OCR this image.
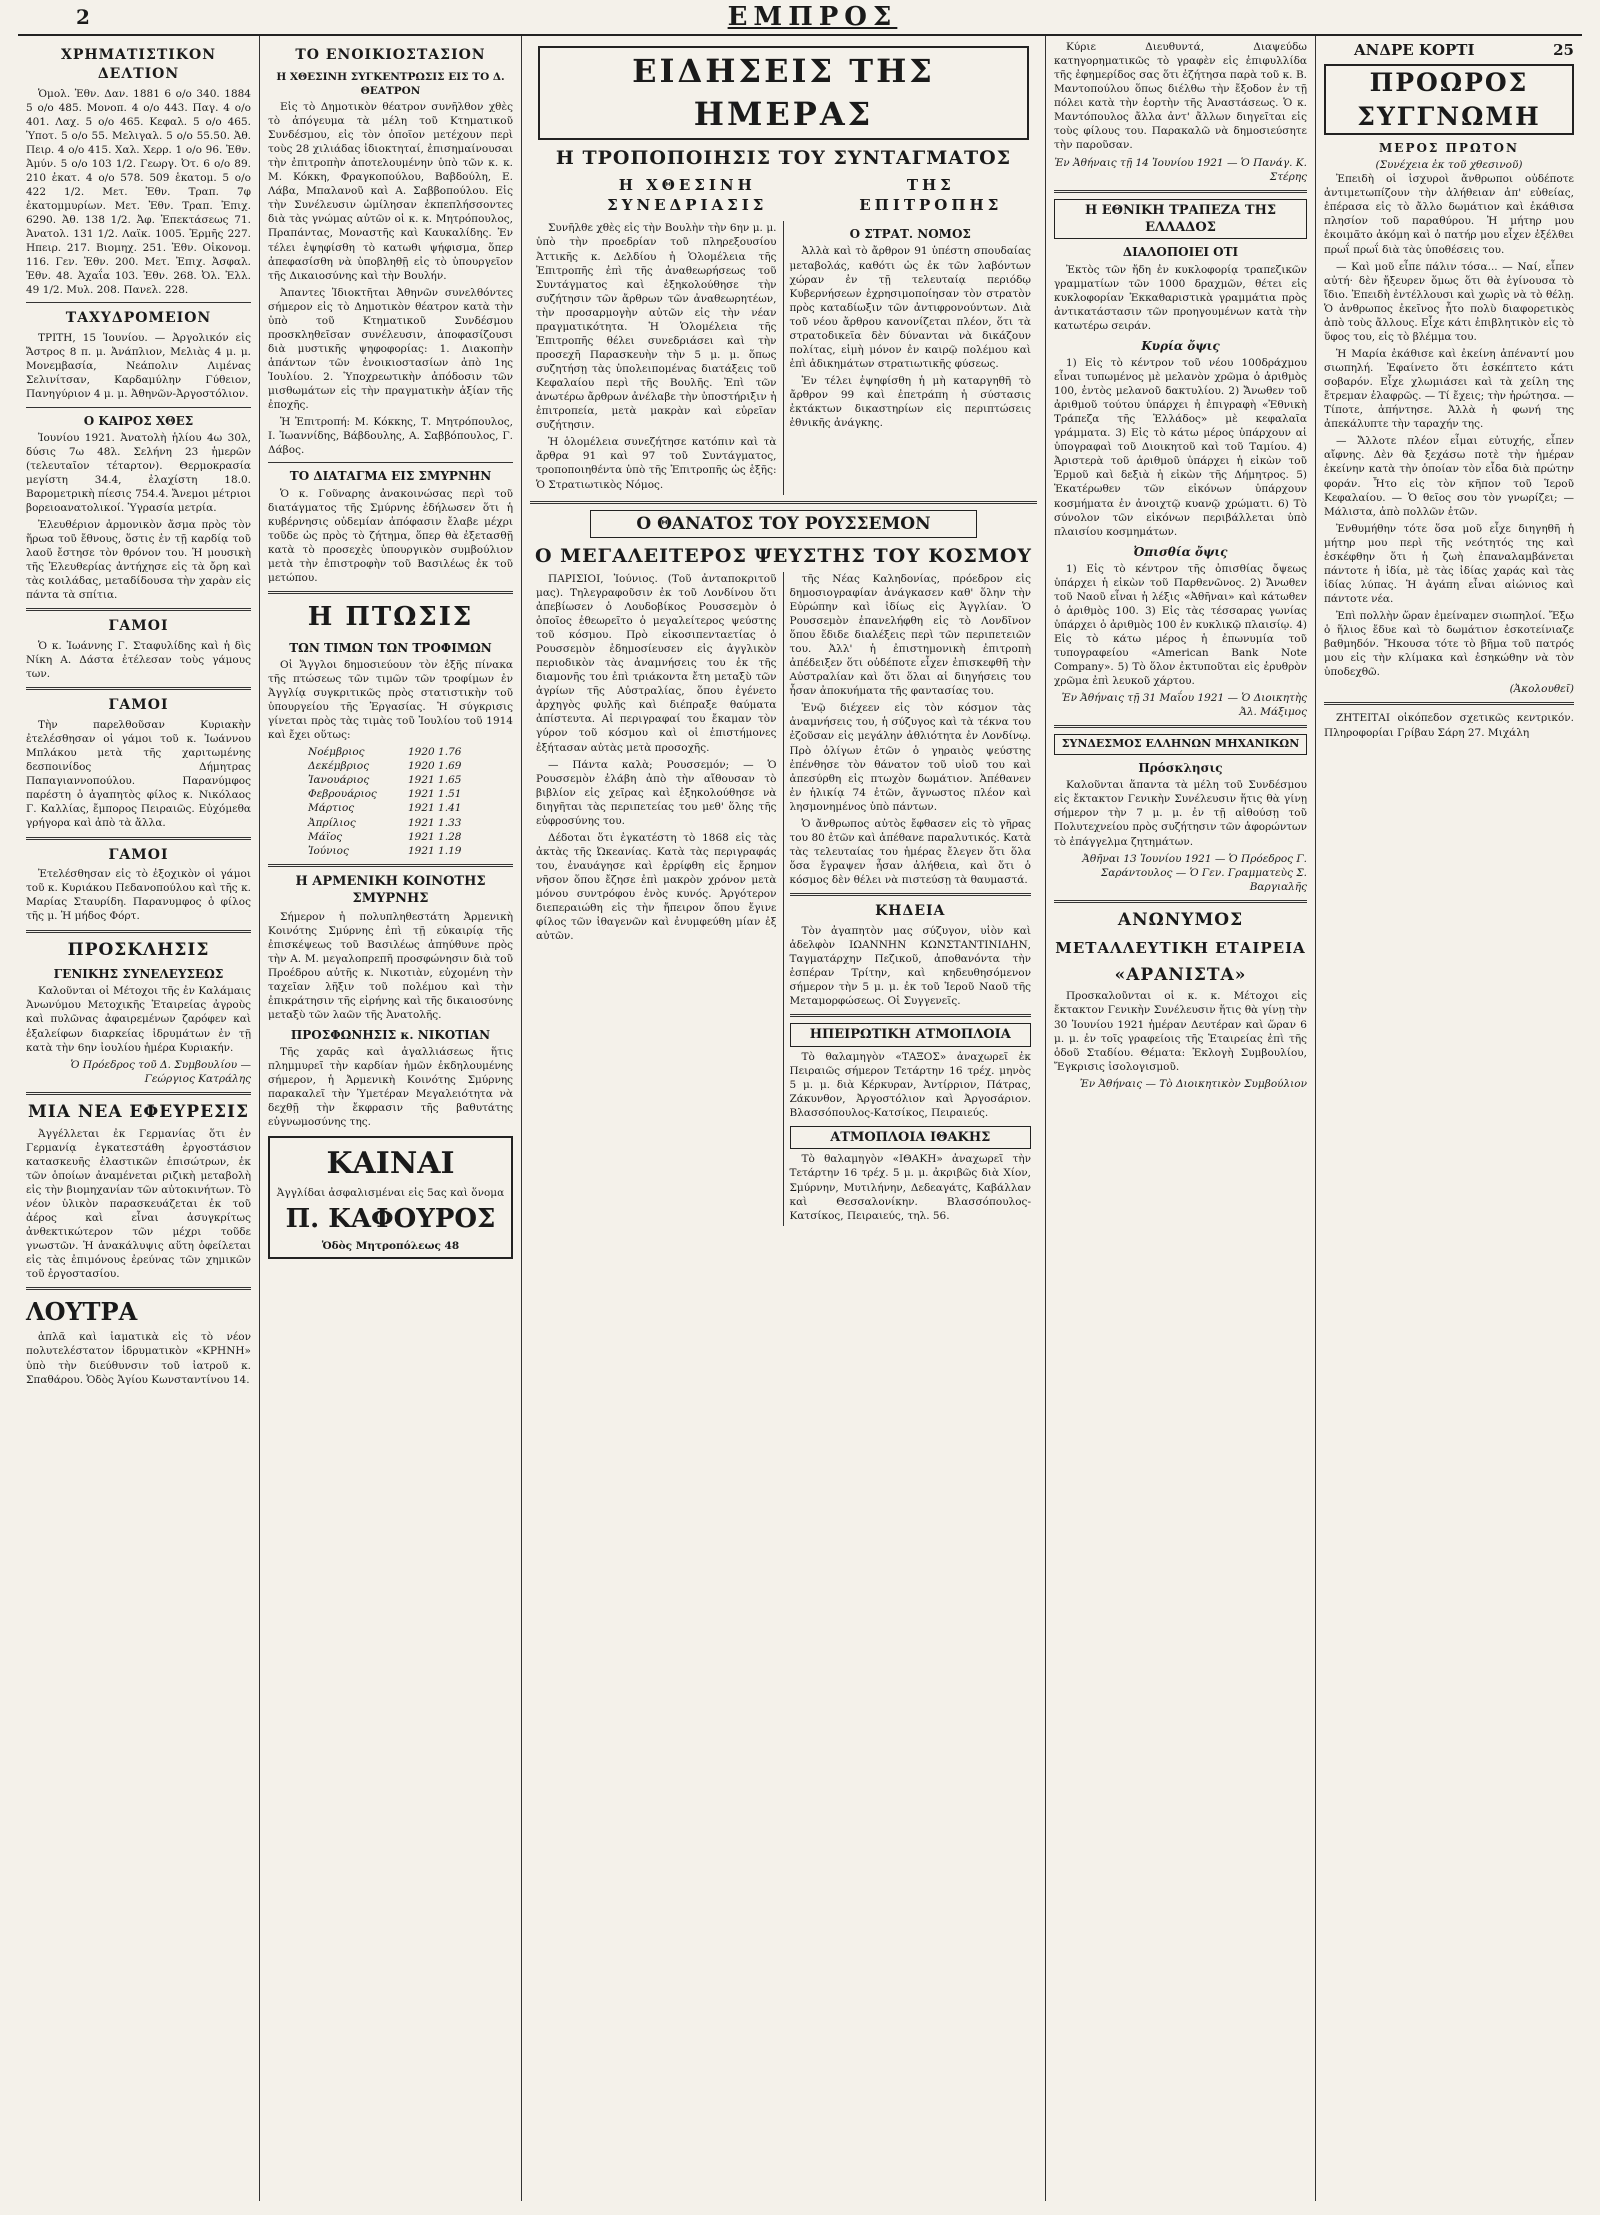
2	ΕΜΠΡΟΣ
ΧΡΗΜΑΤΙΣΤΙΚΟΝ ΔΕΛΤΙΟΝ

Ὁμολ. Ἐθν. Δαν. 1881 6 ο/ο 340. 1884 5 ο/ο 485. Μονοπ. 4 ο/ο 443. Παγ. 4 ο/ο 401. Λαχ. 5 ο/ο 465. Κεφαλ. 5 ο/ο 465. Ὑποτ. 5 ο/ο 55. Μελιγαλ. 5 ο/ο 55.50. Ἀθ. Πειρ. 4 ο/ο 415. Χαλ. Χερρ. 1 ο/ο 96. Ἐθν. Ἀμύν. 5 ο/ο 103 1/2. Γεωργ. Ὀτ. 6 ο/ο 89. 210 ἐκατ. 4 ο/ο 578. 509 ἑκατομ. 5 ο/ο 422 1/2. Μετ. Ἐθν. Τραπ. 7φ ἐκατομμυρίων. Μετ. Ἐθν. Τραπ. Ἐπιχ. 6290. Ἀθ. 138 1/2. Ἀφ. Ἐπεκτάσεως 71. Ἀνατολ. 131 1/2. Λαϊκ. 1005. Ἑρμῆς 227. Ηπειρ. 217. Βιομηχ. 251. Ἐθν. Οἰκονομ. 116. Γεν. Ἐθν. 200. Μετ. Ἐπιχ. Ἀσφαλ. Ἐθν. 48. Ἀχαΐα 103. Ἐθν. 268. Ὀλ. Ἐλλ. 49 1/2. Μυλ. 208. Πανελ. 228.

ΤΑΧΥΔΡΟΜΕΙΟΝ

ΤΡΙΤΗ, 15 Ἰουνίου. — Ἀργολικόν εἰς Ἄστρος 8 π. μ. Ἀνάπλιον, Μελιὰς 4 μ. μ. Μονεμβασία, Νεάπολιν Λιμένας Σελινίτσαν, Καρδαμύλην Γύθειον, Πανηγύριον 4 μ. μ. Ἀθηνῶν-Ἀργοστόλιον.

Ο ΚΑΙΡΟΣ ΧΘΕΣ

Ἰουνίου 1921. Ἀνατολὴ ἡλίου 4ω 30λ, δύσις 7ω 48λ. Σελήνη 23 ἡμερῶν (τελευταῖον τέταρτον). Θερμοκρασία μεγίστη 34.4, ἐλαχίστη 18.0. Βαρομετρικὴ πίεσις 754.4. Ἄνεμοι μέτριοι βορειοανατολικοί. Ὑγρασία μετρία.

Ἐλευθέριον ἁρμονικὸν ἄσμα πρὸς τὸν ἥρωα τοῦ ἔθνους, ὅστις ἐν τῇ καρδίᾳ τοῦ λαοῦ ἔστησε τὸν θρόνον του. Ἡ μουσικὴ τῆς Ἐλευθερίας ἀντήχησε εἰς τὰ ὄρη καὶ τὰς κοιλάδας, μεταδίδουσα τὴν χαρὰν εἰς πάντα τὰ σπίτια.

ΓΑΜΟΙ

Ὁ κ. Ἰωάννης Γ. Σταφυλίδης καὶ ἡ δὶς Νίκη Α. Δάστα ἐτέλεσαν τοὺς γάμους των.

ΓΑΜΟΙ

Τὴν παρελθοῦσαν Κυριακὴν ἐτελέσθησαν οἱ γάμοι τοῦ κ. Ἰωάννου Μπλάκου μετὰ τῆς χαριτωμένης δεσποινίδος Δήμητρας Παπαγιαννοπούλου. Παρανύμφος παρέστη ὁ ἀγαπητὸς φίλος κ. Νικόλαος Γ. Καλλίας, ἔμπορος Πειραιῶς. Εὐχόμεθα γρήγορα καὶ ἀπὸ τὰ ἄλλα.

ΓΑΜΟΙ

Ἐτελέσθησαν εἰς τὸ ἐξοχικὸν οἱ γάμοι τοῦ κ. Κυριάκου Πεδανοπούλου καὶ τῆς κ. Μαρίας Σταυρίδη. Παρανυμφος ὁ φίλος τῆς μ. Ἡ μήδος Φόρτ.

ΠΡΟΣΚΛΗΣΙΣ
ΓΕΝΙΚΗΣ ΣΥΝΕΛΕΥΣΕΩΣ

Καλοῦνται οἱ Μέτοχοι τῆς ἐν Καλάμαις Ἀνωνύμου Μετοχικῆς Ἑταιρείας ἀγροὺς καὶ πυλῶνας ἀφαιρεμένων ζαρόφεν καὶ ἑξαλείφων διαρκείας ἱδρυμάτων ἐν τῇ κατὰ τὴν 6ην ἰουλίου ἡμέρα Κυριακήν.

Ὁ Πρόεδρος τοῦ Δ. Συμβουλίου — Γεώργιος Κατράλης
ΜΙΑ ΝΕΑ ΕΦΕΥΡΕΣΙΣ

Ἀγγέλλεται ἐκ Γερμανίας ὅτι ἐν Γερμανίᾳ ἐγκατεστάθη ἐργοστάσιον κατασκευῆς ἐλαστικῶν ἐπισώτρων, ἐκ τῶν ὁποίων ἀναμένεται ριζικὴ μεταβολὴ εἰς τὴν βιομηχανίαν τῶν αὐτοκινήτων. Τὸ νέον ὑλικὸν παρασκευάζεται ἐκ τοῦ ἀέρος καὶ εἶναι ἀσυγκρίτως ἀνθεκτικώτερον τῶν μέχρι τοῦδε γνωστῶν. Ἡ ἀνακάλυψις αὕτη ὀφείλεται εἰς τὰς ἐπιμόνους ἐρεύνας τῶν χημικῶν τοῦ ἐργοστασίου.

ΛΟΥΤΡΑ

ἁπλᾶ καὶ ἰαματικὰ εἰς τὸ νέον πολυτελέστατον ἱδρυματικὸν «ΚΡΗΝΗ» ὑπὸ τὴν διεύθυνσιν τοῦ ἰατροῦ κ. Σπαθάρου. Ὁδὸς Ἁγίου Κωνσταντίνου 14.

ΤΟ ΕΝΟΙΚΙΟΣΤΑΣΙΟΝ
Η ΧΘΕΣΙΝΗ ΣΥΓΚΕΝΤΡΩΣΙΣ ΕΙΣ ΤΟ Δ. ΘΕΑΤΡΟΝ

Εἰς τὸ Δημοτικὸν θέατρον συνῆλθον χθὲς τὸ ἀπόγευμα τὰ μέλη τοῦ Κτηματικοῦ Συνδέσμου, εἰς τὸν ὁποῖον μετέχουν περὶ τοὺς 28 χιλιάδας ἰδιοκτηταί, ἐπισημαίνουσαι τὴν ἐπιτροπὴν ἀποτελουμένην ὑπὸ τῶν κ. κ. Μ. Κόκκη, Φραγκοπούλου, Βαβδούλη, Ε. Λάβα, Μπαλανοῦ καὶ Α. Σαββοπούλου. Εἰς τὴν Συνέλευσιν ὡμίλησαν ἐκπεπλήσσοντες διὰ τὰς γνώμας αὐτῶν οἱ κ. κ. Μητρόπουλος, Πραπάντας, Μοναστῆς καὶ Καυκαλίδης. Ἐν τέλει ἐψηφίσθη τὸ κατωθι ψήφισμα, ὅπερ ἀπεφασίσθη νὰ ὑποβληθῇ εἰς τὸ ὑπουργεῖον τῆς Δικαιοσύνης καὶ τὴν Βουλήν.

Ἀπαντες Ἰδιοκτῆται Ἀθηνῶν συνελθόντες σήμερον εἰς τὸ Δημοτικὸν θέατρον κατὰ τὴν ὑπὸ τοῦ Κτηματικοῦ Συνδέσμου προσκληθεῖσαν συνέλευσιν, ἀποφασίζουσι διὰ μυστικῆς ψηφοφορίας: 1. Διακοπὴν ἁπάντων τῶν ἐνοικιοστασίων ἀπὸ 1ης Ἰουλίου. 2. Ὑποχρεωτικὴν ἀπόδοσιν τῶν μισθωμάτων εἰς τὴν πραγματικὴν ἀξίαν τῆς ἐποχῆς.

Ἡ Ἐπιτροπή: Μ. Κόκκης, Τ. Μητρόπουλος, Ι. Ἰωαννίδης, Βάβδουλης, Α. Σαββόπουλος, Γ. Δάβος.

ΤΟ ΔΙΑΤΑΓΜΑ ΕΙΣ ΣΜΥΡΝΗΝ

Ὁ κ. Γοῦναρης ἀνακοινώσας περὶ τοῦ διατάγματος τῆς Σμύρνης ἐδήλωσεν ὅτι ἡ κυβέρνησις οὐδεμίαν ἀπόφασιν ἔλαβε μέχρι τοῦδε ὡς πρὸς τὸ ζήτημα, ὅπερ θὰ ἐξετασθῇ κατὰ τὸ προσεχὲς ὑπουργικὸν συμβούλιον μετὰ τὴν ἐπιστροφὴν τοῦ Βασιλέως ἐκ τοῦ μετώπου.

Η ΠΤΩΣΙΣ
ΤΩΝ ΤΙΜΩΝ ΤΩΝ ΤΡΟΦΙΜΩΝ

Οἱ Ἄγγλοι δημοσιεύουν τὸν ἑξῆς πίνακα τῆς πτώσεως τῶν τιμῶν τῶν τροφίμων ἐν Ἀγγλίᾳ συγκριτικῶς πρὸς στατιστικὴν τοῦ ὑπουργείου τῆς Ἐργασίας. Ἡ σύγκρισις γίνεται πρὸς τὰς τιμὰς τοῦ Ἰουλίου τοῦ 1914 καὶ ἔχει οὕτως:

Νοέμβριος	1920 1.76
Δεκέμβριος	1920 1.69
Ἰανουάριος	1921 1.65
Φεβρουάριος	1921 1.51
Μάρτιος	1921 1.41
Ἀπρίλιος	1921 1.33
Μάϊος	1921 1.28
Ἰούνιος	1921 1.19
Η ΑΡΜΕΝΙΚΗ ΚΟΙΝΟΤΗΣ ΣΜΥΡΝΗΣ

Σήμερον ἡ πολυπληθεστάτη Ἀρμενικὴ Κοινότης Σμύρνης ἐπὶ τῇ εὐκαιρίᾳ τῆς ἐπισκέψεως τοῦ Βασιλέως ἀπηύθυνε πρὸς τὴν Α. Μ. μεγαλοπρεπῆ προσφώνησιν διὰ τοῦ Προέδρου αὐτῆς κ. Νικοτιὰν, εὐχομένη τὴν ταχεῖαν λῆξιν τοῦ πολέμου καὶ τὴν ἐπικράτησιν τῆς εἰρήνης καὶ τῆς δικαιοσύνης μεταξὺ τῶν λαῶν τῆς Ἀνατολῆς.

ΠΡΟΣΦΩΝΗΣΙΣ κ. ΝΙΚΟΤΙΑΝ

Τῆς χαρᾶς καὶ ἀγαλλιάσεως ἥτις πλημμυρεῖ τὴν καρδίαν ἡμῶν ἐκδηλουμένης σήμερον, ἡ Ἀρμενικὴ Κοινότης Σμύρνης παρακαλεῖ τὴν Ὑμετέραν Μεγαλειότητα νὰ δεχθῇ τὴν ἔκφρασιν τῆς βαθυτάτης εὐγνωμοσύνης της.

ΚΑΙΝΑΙ
Ἀγγλίδαι ἀσφαλισμέναι εἰς 5ας καὶ ὅνομα
Π. ΚΑΦΟΥΡΟΣ
Ὁδὸς Μητροπόλεως 48
ΕΙΔΗΣΕΙΣ ΤΗΣ ΗΜΕΡΑΣ
Η ΤΡΟΠΟΠΟΙΗΣΙΣ ΤΟΥ ΣΥΝΤΑΓΜΑΤΟΣ
Η ΧΘΕΣΙΝΗ ΣΥΝΕΔΡΙΑΣΙΣ
ΤΗΣ ΕΠΙΤΡΟΠΗΣ

Συνῆλθε χθὲς εἰς τὴν Βουλὴν τὴν 6ην μ. μ. ὑπὸ τὴν προεδρίαν τοῦ πληρεξουσίου Ἀττικῆς κ. Δελδίου ἡ Ὁλομέλεια τῆς Ἐπιτροπῆς ἐπὶ τῆς ἀναθεωρήσεως τοῦ Συντάγματος καὶ ἐξηκολούθησε τὴν συζήτησιν τῶν ἄρθρων τῶν ἀναθεωρητέων, τὴν προσαρμογὴν αὐτῶν εἰς τὴν νέαν πραγματικότητα. Ἡ Ὁλομέλεια τῆς Ἐπιτροπῆς θέλει συνεδριάσει καὶ τὴν προσεχῆ Παρασκευὴν τὴν 5 μ. μ. ὅπως συζητήσῃ τὰς ὑπολειπομένας διατάξεις τοῦ Κεφαλαίου περὶ τῆς Βουλῆς. Ἐπὶ τῶν ἀνωτέρω ἄρθρων ἀνέλαβε τὴν ὑποστήριξιν ἡ ἐπιτροπεία, μετὰ μακρὰν καὶ εὐρεῖαν συζήτησιν.

Ἡ ὁλομέλεια συνεζήτησε κατόπιν καὶ τὰ ἄρθρα 91 καὶ 97 τοῦ Συντάγματος, τροποποιηθέντα ὑπὸ τῆς Ἐπιτροπῆς ὡς ἑξῆς: Ὁ Στρατιωτικὸς Νόμος.

Ο ΣΤΡΑΤ. ΝΟΜΟΣ

Ἀλλὰ καὶ τὸ ἄρθρον 91 ὑπέστη σπουδαίας μεταβολάς, καθότι ὡς ἐκ τῶν λαβόντων χώραν ἐν τῇ τελευταίᾳ περιόδῳ Κυβερνήσεων ἐχρησιμοποίησαν τὸν στρατὸν πρὸς καταδίωξιν τῶν ἀντιφρονούντων. Διὰ τοῦ νέου ἄρθρου κανονίζεται πλέον, ὅτι τὰ στρατοδικεῖα δὲν δύνανται νὰ δικάζουν πολίτας, εἰμὴ μόνον ἐν καιρῷ πολέμου καὶ ἐπὶ ἀδικημάτων στρατιωτικῆς φύσεως.

Ἐν τέλει ἐψηφίσθη ἡ μὴ καταργηθῆ τὸ ἄρθρον 99 καὶ ἐπετράπη ἡ σύστασις ἐκτάκτων δικαστηρίων εἰς περιπτώσεις ἐθνικῆς ἀνάγκης.

Ο ΘΑΝΑΤΟΣ ΤΟΥ ΡΟΥΣΣΕΜΟΝ
Ο ΜΕΓΑΛΕΙΤΕΡΟΣ ΨΕΥΣΤΗΣ ΤΟΥ ΚΟΣΜΟΥ

ΠΑΡΙΣΙΟΙ, Ἰούνιος. (Τοῦ ἀνταποκριτοῦ μας). Τηλεγραφοῦσιν ἐκ τοῦ Λονδίνου ὅτι ἀπεβίωσεν ὁ Λουδοβίκος Ρουσσεμὸν ὁ ὁποῖος ἐθεωρεῖτο ὁ μεγαλείτερος ψεύστης τοῦ κόσμου. Πρὸ εἰκοσιπενταετίας ὁ Ρουσσεμὸν ἐδημοσίευσεν εἰς ἀγγλικὸν περιοδικὸν τὰς ἀναμνήσεις του ἐκ τῆς διαμονῆς του ἐπὶ τριάκοντα ἔτη μεταξὺ τῶν ἀγρίων τῆς Αὐστραλίας, ὅπου ἐγένετο ἀρχηγὸς φυλῆς καὶ διέπραξε θαύματα ἀπίστευτα. Αἱ περιγραφαί του ἔκαμαν τὸν γύρον τοῦ κόσμου καὶ οἱ ἐπιστήμονες ἐξήτασαν αὐτὰς μετὰ προσοχῆς.

— Πάντα καλὰ; Ρουσσεμόν; — Ὁ Ρουσσεμὸν ἐλάβη ἀπὸ τὴν αἴθουσαν τὸ βιβλίον εἰς χεῖρας καὶ ἐξηκολούθησε νὰ διηγῆται τὰς περιπετείας του μεθ' ὅλης τῆς εὐφροσύνης του.

Δέδοται ὅτι ἐγκατέστη τὸ 1868 εἰς τὰς ἀκτὰς τῆς Ὠκεανίας. Κατὰ τὰς περιγραφάς του, ἐναυάγησε καὶ ἐρρίφθη εἰς ἔρημον νῆσον ὅπου ἔζησε ἐπὶ μακρὸν χρόνον μετὰ μόνου συντρόφου ἑνὸς κυνός. Ἀργότερον διεπεραιώθη εἰς τὴν ἤπειρον ὅπου ἔγινε φίλος τῶν ἰθαγενῶν καὶ ἐνυμφεύθη μίαν ἐξ αὐτῶν.

τῆς Νέας Καληδονίας, πρόεδρον εἰς δημοσιογραφίαν ἀνάγκασεν καθ' ὅλην τὴν Εὐρώπην καὶ ἰδίως εἰς Ἀγγλίαν. Ὁ Ρουσσεμὸν ἐπανελήφθη εἰς τὸ Λονδῖνον ὅπου ἔδιδε διαλέξεις περὶ τῶν περιπετειῶν του. Ἀλλ' ἡ ἐπιστημονικὴ ἐπιτροπὴ ἀπέδειξεν ὅτι οὐδέποτε εἶχεν ἐπισκεφθῆ τὴν Αὐστραλίαν καὶ ὅτι ὅλαι αἱ διηγήσεις του ἦσαν ἀποκυήματα τῆς φαντασίας του.

Ἐνῷ διέχεεν εἰς τὸν κόσμον τὰς ἀναμνήσεις του, ἡ σύζυγος καὶ τὰ τέκνα του ἐζοῦσαν εἰς μεγάλην ἀθλιότητα ἐν Λονδίνῳ. Πρὸ ὀλίγων ἐτῶν ὁ γηραιὸς ψεύστης ἐπένθησε τὸν θάνατον τοῦ υἱοῦ του καὶ ἀπεσύρθη εἰς πτωχὸν δωμάτιον. Ἀπέθανεν ἐν ἡλικίᾳ 74 ἐτῶν, ἄγνωστος πλέον καὶ λησμονημένος ὑπὸ πάντων.

Ὁ ἄνθρωπος αὐτὸς ἔφθασεν εἰς τὸ γῆρας του 80 ἐτῶν καὶ ἀπέθανε παραλυτικός. Κατὰ τὰς τελευταίας του ἡμέρας ἔλεγεν ὅτι ὅλα ὅσα ἔγραψεν ἦσαν ἀλήθεια, καὶ ὅτι ὁ κόσμος δὲν θέλει νὰ πιστεύσῃ τὰ θαυμαστά.

ΚΗΔΕΙΑ

Τὸν ἀγαπητὸν μας σύζυγον, υἱὸν καὶ ἀδελφὸν ΙΩΑΝΝΗΝ ΚΩΝΣΤΑΝΤΙΝΙΔΗΝ, Ταγματάρχην Πεζικοῦ, ἀποθανόντα τὴν ἑσπέραν Τρίτην, καὶ κηδευθησόμενον σήμερον τὴν 5 μ. μ. ἐκ τοῦ Ἱεροῦ Ναοῦ τῆς Μεταμορφώσεως. Οἱ Συγγενεῖς.

ΗΠΕΙΡΩΤΙΚΗ ΑΤΜΟΠΛΟΙΑ

Τὸ θαλαμηγὸν «ΤΑΞΟΣ» ἀναχωρεῖ ἐκ Πειραιῶς σήμερον Τετάρτην 16 τρέχ. μηνὸς 5 μ. μ. διὰ Κέρκυραν, Ἀντίρριον, Πάτρας, Ζάκυνθον, Ἀργοστόλιον καὶ Ἀργοσάριον. Βλασσόπουλος-Κατσίκος, Πειραιεύς.

ΑΤΜΟΠΛΟΙΑ ΙΘΑΚΗΣ

Τὸ θαλαμηγὸν «ΙΘΑΚΗ» ἀναχωρεῖ τὴν Τετάρτην 16 τρέχ. 5 μ. μ. ἀκριβῶς διὰ Χίον, Σμύρνην, Μυτιλήνην, Δεδεαγάτς, Καβάλλαν καὶ Θεσσαλονίκην. Βλασσόπουλος-Κατσίκος, Πειραιεύς, τηλ. 56.

Κύριε Διευθυντά, Διαψεύδω κατηγορηματικῶς τὸ γραφὲν εἰς ἐπιφυλλίδα τῆς ἐφημερίδος σας ὅτι ἐζήτησα παρὰ τοῦ κ. Β. Μαντοπούλου ὅπως διέλθω τὴν ἔξοδον ἐν τῇ πόλει κατὰ τὴν ἑορτὴν τῆς Ἀναστάσεως. Ὁ κ. Μαντόπουλος ἄλλα ἀντ' ἄλλων διηγεῖται εἰς τοὺς φίλους του. Παρακαλῶ νὰ δημοσιεύσητε τὴν παροῦσαν.

Ἐν Ἀθήναις τῇ 14 Ἰουνίου 1921 — Ὁ Πανάγ. Κ. Στέρης
Η ΕΘΝΙΚΗ ΤΡΑΠΕΖΑ ΤΗΣ ΕΛΛΑΔΟΣ
ΔΙΑΛΟΠΟΙΕΙ ΟΤΙ

Ἐκτὸς τῶν ἤδη ἐν κυκλοφορίᾳ τραπεζικῶν γραμματίων τῶν 1000 δραχμῶν, θέτει εἰς κυκλοφορίαν Ἐκκαθαριστικὰ γραμμάτια πρὸς ἀντικατάστασιν τῶν προηγουμένων κατὰ τὴν κατωτέρω σειράν.

Κυρία ὄψις

1) Εἰς τὸ κέντρον τοῦ νέου 100δράχμου εἶναι τυπωμένος μὲ μελανὸν χρῶμα ὁ ἀριθμὸς 100, ἐντὸς μελανοῦ δακτυλίου. 2) Ἄνωθεν τοῦ ἀριθμοῦ τούτου ὑπάρχει ἡ ἐπιγραφὴ «Ἐθνικὴ Τράπεζα τῆς Ἑλλάδος» μὲ κεφαλαῖα γράμματα. 3) Εἰς τὸ κάτω μέρος ὑπάρχουν αἱ ὑπογραφαὶ τοῦ Διοικητοῦ καὶ τοῦ Ταμίου. 4) Ἀριστερὰ τοῦ ἀριθμοῦ ὑπάρχει ἡ εἰκὼν τοῦ Ἑρμοῦ καὶ δεξιὰ ἡ εἰκὼν τῆς Δήμητρος. 5) Ἑκατέρωθεν τῶν εἰκόνων ὑπάρχουν κοσμήματα ἐν ἀνοιχτῷ κυανῷ χρώματι. 6) Τὸ σύνολον τῶν εἰκόνων περιβάλλεται ὑπὸ πλαισίου κοσμημάτων.

Ὀπισθία ὄψις

1) Εἰς τὸ κέντρον τῆς ὀπισθίας ὄψεως ὑπάρχει ἡ εἰκὼν τοῦ Παρθενῶνος. 2) Ἄνωθεν τοῦ Ναοῦ εἶναι ἡ λέξις «Ἀθῆναι» καὶ κάτωθεν ὁ ἀριθμὸς 100. 3) Εἰς τὰς τέσσαρας γωνίας ὑπάρχει ὁ ἀριθμὸς 100 ἐν κυκλικῷ πλαισίῳ. 4) Εἰς τὸ κάτω μέρος ἡ ἐπωνυμία τοῦ τυπογραφείου «American Bank Note Company». 5) Τὸ ὅλον ἐκτυποῦται εἰς ἐρυθρὸν χρῶμα ἐπὶ λευκοῦ χάρτου.

Ἐν Ἀθήναις τῇ 31 Μαΐου 1921 — Ὁ Διοικητὴς Ἀλ. Μάξιμος
ΣΥΝΔΕΣΜΟΣ ΕΛΛΗΝΩΝ ΜΗΧΑΝΙΚΩΝ
Πρόσκλησις

Καλοῦνται ἅπαντα τὰ μέλη τοῦ Συνδέσμου εἰς ἔκτακτον Γενικὴν Συνέλευσιν ἥτις θὰ γίνῃ σήμερον τὴν 7 μ. μ. ἐν τῇ αἰθούσῃ τοῦ Πολυτεχνείου πρὸς συζήτησιν τῶν ἀφορώντων τὸ ἐπάγγελμα ζητημάτων.

Ἀθῆναι 13 Ἰουνίου 1921 — Ὁ Πρόεδρος Γ. Σαράντουλος — Ὁ Γεν. Γραμματεὺς Σ. Βαργιαλῆς
ΑΝΩΝΥΜΟΣ
ΜΕΤΑΛΛΕΥΤΙΚΗ ΕΤΑΙΡΕΙΑ
«ΑΡΑΝΙΣΤΑ»

Προσκαλοῦνται οἱ κ. κ. Μέτοχοι εἰς ἔκτακτον Γενικὴν Συνέλευσιν ἥτις θὰ γίνῃ τὴν 30 Ἰουνίου 1921 ἡμέραν Δευτέραν καὶ ὥραν 6 μ. μ. ἐν τοῖς γραφείοις τῆς Ἑταιρείας ἐπὶ τῆς ὁδοῦ Σταδίου. Θέματα: Ἐκλογὴ Συμβουλίου, Ἔγκρισις ἰσολογισμοῦ.

Ἐν Ἀθήναις — Τὸ Διοικητικὸν Συμβούλιον
ΑΝΔΡΕ ΚΟΡΤΙ	25
ΠΡΟΩΡΟΣ ΣΥΓΓΝΩΜΗ
ΜΕΡΟΣ ΠΡΩΤΟΝ
(Συνέχεια ἐκ τοῦ χθεσινοῦ)

Ἐπειδὴ οἱ ἰσχυροὶ ἄνθρωποι οὐδέποτε ἀντιμετωπίζουν τὴν ἀλήθειαν ἀπ' εὐθείας, ἐπέρασα εἰς τὸ ἄλλο δωμάτιον καὶ ἐκάθισα πλησίον τοῦ παραθύρου. Ἡ μήτηρ μου ἐκοιμᾶτο ἀκόμη καὶ ὁ πατήρ μου εἶχεν ἐξέλθει πρωΐ πρωΐ διὰ τὰς ὑποθέσεις του.

— Καὶ μοῦ εἶπε πάλιν τόσα... — Ναί, εἶπεν αὐτή· δὲν ἤξευρεν ὅμως ὅτι θὰ ἐγίνουσα τὸ ἴδιο. Ἐπειδὴ ἐντέλλουσι καὶ χωρὶς νὰ τὸ θέλῃ. Ὁ ἀνθρωπος ἐκεῖνος ἦτο πολὺ διαφορετικὸς ἀπὸ τοὺς ἄλλους. Εἶχε κάτι ἐπιβλητικὸν εἰς τὸ ὕφος του, εἰς τὸ βλέμμα του.

Ἡ Μαρία ἐκάθισε καὶ ἐκείνη ἀπέναντί μου σιωπηλή. Ἐφαίνετο ὅτι ἐσκέπτετο κάτι σοβαρόν. Εἶχε χλωμιάσει καὶ τὰ χείλη της ἔτρεμαν ἐλαφρῶς. — Τί ἔχεις; τὴν ἠρώτησα. — Τίποτε, ἀπήντησε. Ἀλλὰ ἡ φωνή της ἀπεκάλυπτε τὴν ταραχήν της.

— Ἄλλοτε πλέον εἶμαι εὐτυχής, εἶπεν αἴφνης. Δὲν θὰ ξεχάσω ποτὲ τὴν ἡμέραν ἐκείνην κατὰ τὴν ὁποίαν τὸν εἶδα διὰ πρώτην φοράν. Ἦτο εἰς τὸν κῆπον τοῦ Ἱεροῦ Κεφαλαίου. — Ὁ θεῖος σου τὸν γνωρίζει; — Μάλιστα, ἀπὸ πολλῶν ἐτῶν.

Ἐνθυμήθην τότε ὅσα μοῦ εἶχε διηγηθῆ ἡ μήτηρ μου περὶ τῆς νεότητός της καὶ ἐσκέφθην ὅτι ἡ ζωὴ ἐπαναλαμβάνεται πάντοτε ἡ ἰδία, μὲ τὰς ἰδίας χαράς καὶ τὰς ἰδίας λύπας. Ἡ ἀγάπη εἶναι αἰώνιος καὶ πάντοτε νέα.

Ἐπὶ πολλὴν ὥραν ἐμείναμεν σιωπηλοί. Ἔξω ὁ ἥλιος ἔδυε καὶ τὸ δωμάτιον ἐσκοτείνιαζε βαθμηδόν. Ἤκουσα τότε τὸ βῆμα τοῦ πατρός μου εἰς τὴν κλίμακα καὶ ἐσηκώθην νὰ τὸν ὑποδεχθῶ.

(Ἀκολουθεῖ)

ΖΗΤΕΙΤΑΙ οἰκόπεδον σχετικῶς κεντρικόν. Πληροφορίαι Γρίβαυ Σάρη 27. Μιχάλη
